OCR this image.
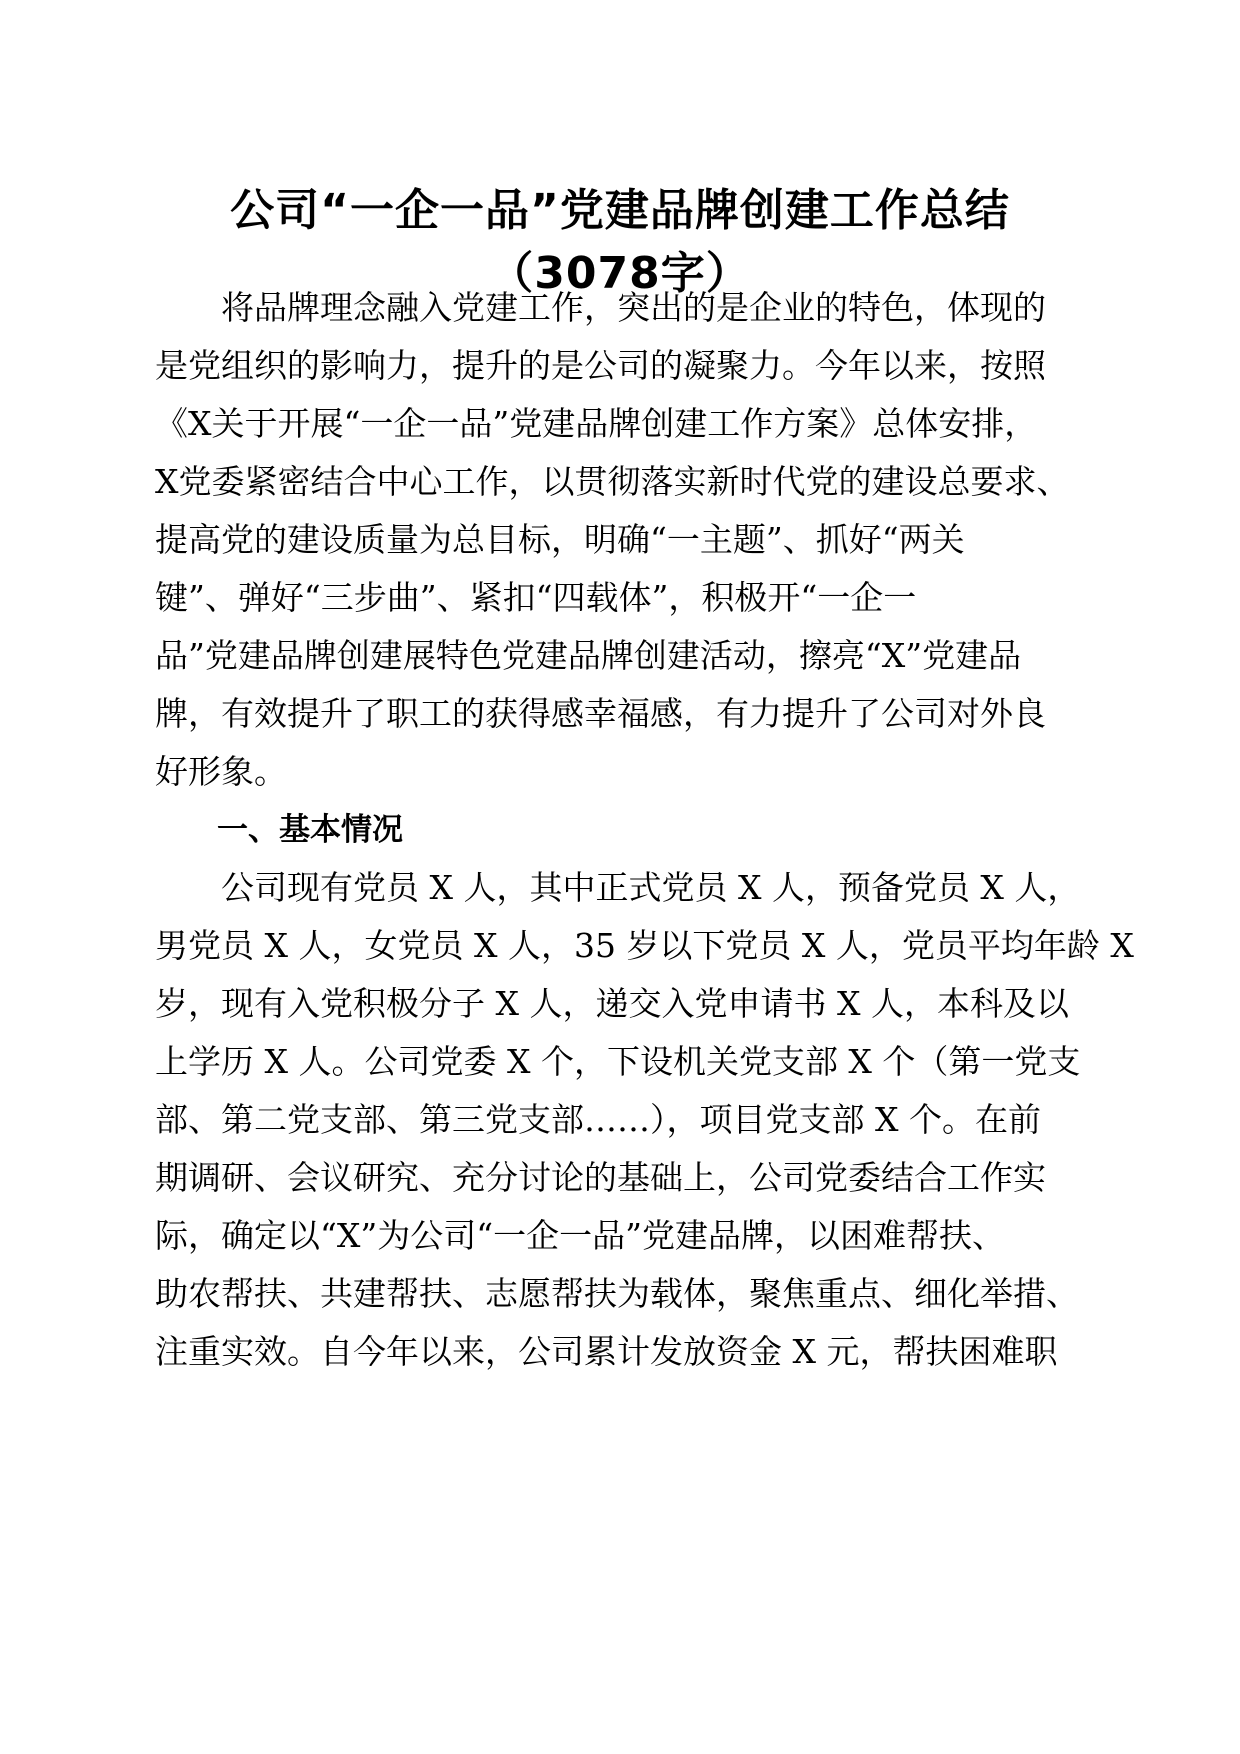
公司“一企一品”党建品牌创建工作总结
（3078字）
　　将品牌理念融入党建工作，突出的是企业的特色，体现的
是党组织的影响力，提升的是公司的凝聚力。今年以来，按照
《X关于开展“一企一品”党建品牌创建工作方案》总体安排，
X党委紧密结合中心工作，以贯彻落实新时代党的建设总要求、
提高党的建设质量为总目标，明确“一主题”、抓好“两关
键”、弹好“三步曲”、紧扣“四载体”，积极开“一企一
品”党建品牌创建展特色党建品牌创建活动，擦亮“X”党建品
牌，有效提升了职工的获得感幸福感，有力提升了公司对外良
好形象。
　　一、基本情况
　　公司现有党员 X 人，其中正式党员 X 人，预备党员 X 人，
男党员 X 人，女党员 X 人，35 岁以下党员 X 人，党员平均年龄 X
岁，现有入党积极分子 X 人，递交入党申请书 X 人，本科及以
上学历 X 人。公司党委 X 个，下设机关党支部 X 个（第一党支
部、第二党支部、第三党支部……），项目党支部 X 个。在前
期调研、会议研究、充分讨论的基础上，公司党委结合工作实
际，确定以“X”为公司“一企一品”党建品牌，以困难帮扶、
助农帮扶、共建帮扶、志愿帮扶为载体，聚焦重点、细化举措、
注重实效。自今年以来，公司累计发放资金 X 元，帮扶困难职
